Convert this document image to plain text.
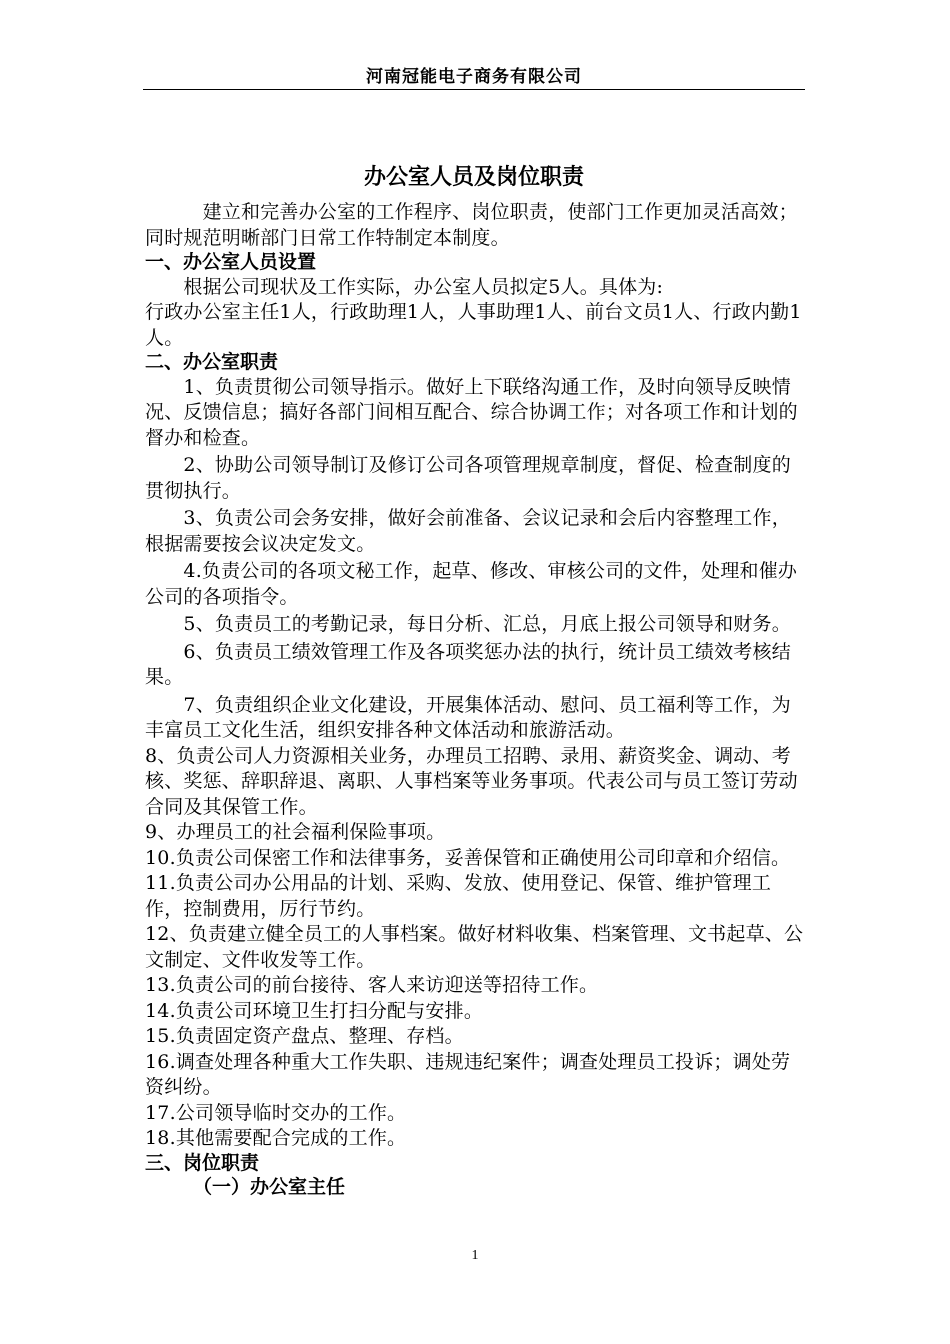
河南冠能电子商务有限公司
办公室人员及岗位职责

　　　建立和完善办公室的工作程序、岗位职责，使部门工作更加灵活高效；同时规范明晰部门日常工作特制定本制度。

一、办公室人员设置

　　根据公司现状及工作实际，办公室人员拟定5人。具体为:

行政办公室主任1人，行政助理1人，人事助理1人、前台文员1人、行政内勤1人。

二、办公室职责

　　1、负责贯彻公司领导指示。做好上下联络沟通工作，及时向领导反映情况、反馈信息；搞好各部门间相互配合、综合协调工作；对各项工作和计划的督办和检查。

　　2、协助公司领导制订及修订公司各项管理规章制度，督促、检查制度的贯彻执行。

　　3、负责公司会务安排，做好会前准备、会议记录和会后内容整理工作，根据需要按会议决定发文。

　　4.负责公司的各项文秘工作，起草、修改、审核公司的文件，处理和催办公司的各项指令。

　　5、负责员工的考勤记录，每日分析、汇总，月底上报公司领导和财务。

　　6、负责员工绩效管理工作及各项奖惩办法的执行，统计员工绩效考核结果。

　　7、负责组织企业文化建设，开展集体活动、慰问、员工福利等工作，为丰富员工文化生活，组织安排各种文体活动和旅游活动。

8、负责公司人力资源相关业务，办理员工招聘、录用、薪资奖金、调动、考核、奖惩、辞职辞退、离职、人事档案等业务事项。代表公司与员工签订劳动合同及其保管工作。

9、办理员工的社会福利保险事项。

10.负责公司保密工作和法律事务，妥善保管和正确使用公司印章和介绍信。

11.负责公司办公用品的计划、采购、发放、使用登记、保管、维护管理工作，控制费用，厉行节约。

12、负责建立健全员工的人事档案。做好材料收集、档案管理、文书起草、公文制定、文件收发等工作。

13.负责公司的前台接待、客人来访迎送等招待工作。

14.负责公司环境卫生打扫分配与安排。

15.负责固定资产盘点、整理、存档。

16.调查处理各种重大工作失职、违规违纪案件；调查处理员工投诉；调处劳资纠纷。

17.公司领导临时交办的工作。

18.其他需要配合完成的工作。

三、岗位职责

（一）办公室主任

1
